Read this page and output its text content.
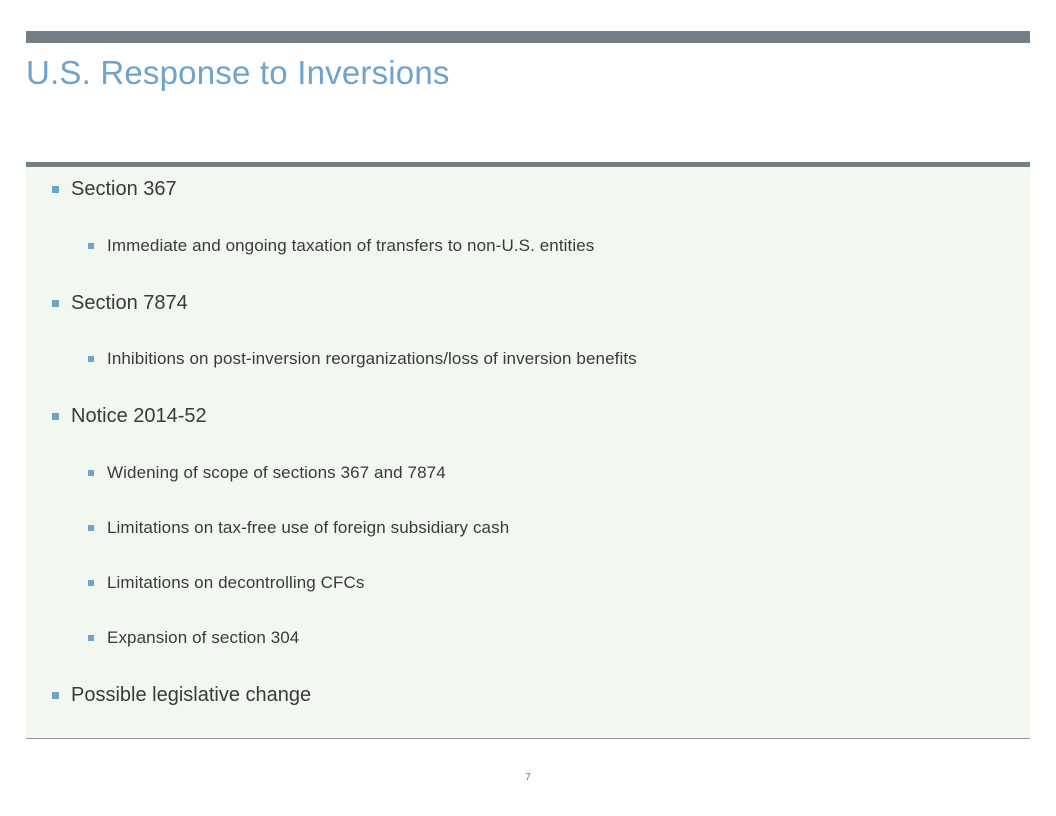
U.S. Response to Inversions
Section 367
Immediate and ongoing taxation of transfers to non-U.S. entities
Section 7874
Inhibitions on post-inversion reorganizations/loss of inversion benefits
Notice 2014-52
Widening of scope of sections 367 and 7874
Limitations on tax-free use of foreign subsidiary cash
Limitations on decontrolling CFCs
Expansion of section 304
Possible legislative change
7
